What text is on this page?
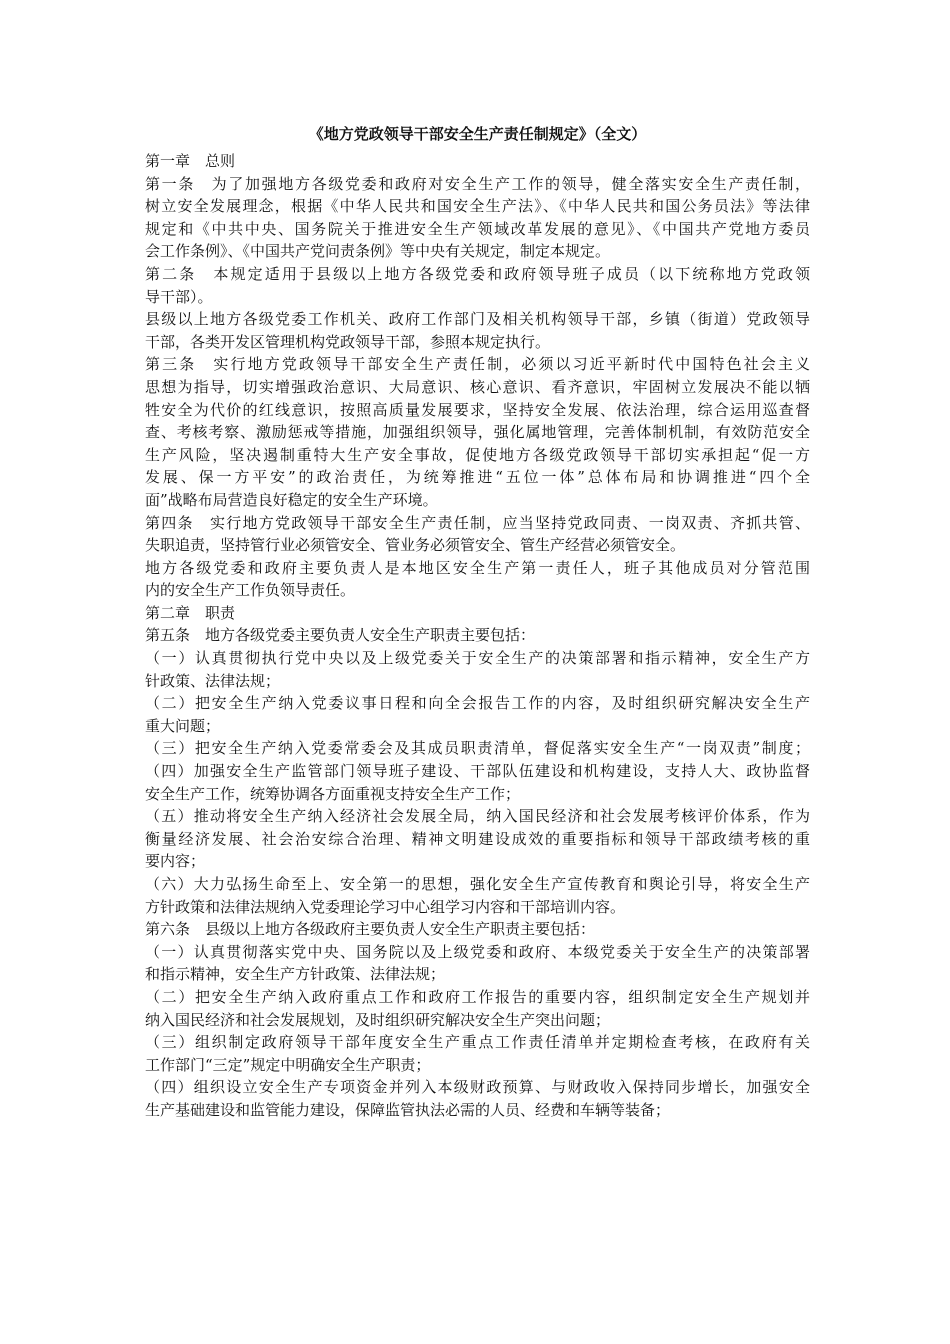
《地方党政领导干部安全生产责任制规定》（全文）

第一章　总则

第一条　为了加强地方各级党委和政府对安全生产工作的领导，健全落实安全生产责任制，

树立安全发展理念，根据《中华人民共和国安全生产法》、《中华人民共和国公务员法》等法律

规定和《中共中央、国务院关于推进安全生产领域改革发展的意见》、《中国共产党地方委员

会工作条例》、《中国共产党问责条例》等中央有关规定，制定本规定。

第二条　本规定适用于县级以上地方各级党委和政府领导班子成员（以下统称地方党政领

导干部）。

县级以上地方各级党委工作机关、政府工作部门及相关机构领导干部，乡镇（街道）党政领导

干部，各类开发区管理机构党政领导干部，参照本规定执行。

第三条　实行地方党政领导干部安全生产责任制，必须以习近平新时代中国特色社会主义

思想为指导，切实增强政治意识、大局意识、核心意识、看齐意识，牢固树立发展决不能以牺

牲安全为代价的红线意识，按照高质量发展要求，坚持安全发展、依法治理，综合运用巡查督

查、考核考察、激励惩戒等措施，加强组织领导，强化属地管理，完善体制机制，有效防范安全

生产风险，坚决遏制重特大生产安全事故，促使地方各级党政领导干部切实承担起“促一方

发展、保一方平安”的政治责任，为统筹推进“五位一体”总体布局和协调推进“四个全

面”战略布局营造良好稳定的安全生产环境。

第四条　实行地方党政领导干部安全生产责任制，应当坚持党政同责、一岗双责、齐抓共管、

失职追责，坚持管行业必须管安全、管业务必须管安全、管生产经营必须管安全。

地方各级党委和政府主要负责人是本地区安全生产第一责任人，班子其他成员对分管范围

内的安全生产工作负领导责任。

第二章　职责

第五条　地方各级党委主要负责人安全生产职责主要包括：

（一）认真贯彻执行党中央以及上级党委关于安全生产的决策部署和指示精神，安全生产方

针政策、法律法规；

（二）把安全生产纳入党委议事日程和向全会报告工作的内容，及时组织研究解决安全生产

重大问题；

（三）把安全生产纳入党委常委会及其成员职责清单，督促落实安全生产“一岗双责”制度；

（四）加强安全生产监管部门领导班子建设、干部队伍建设和机构建设，支持人大、政协监督

安全生产工作，统筹协调各方面重视支持安全生产工作；

（五）推动将安全生产纳入经济社会发展全局，纳入国民经济和社会发展考核评价体系，作为

衡量经济发展、社会治安综合治理、精神文明建设成效的重要指标和领导干部政绩考核的重

要内容；

（六）大力弘扬生命至上、安全第一的思想，强化安全生产宣传教育和舆论引导，将安全生产

方针政策和法律法规纳入党委理论学习中心组学习内容和干部培训内容。

第六条　县级以上地方各级政府主要负责人安全生产职责主要包括：

（一）认真贯彻落实党中央、国务院以及上级党委和政府、本级党委关于安全生产的决策部署

和指示精神，安全生产方针政策、法律法规；

（二）把安全生产纳入政府重点工作和政府工作报告的重要内容，组织制定安全生产规划并

纳入国民经济和社会发展规划，及时组织研究解决安全生产突出问题；

（三）组织制定政府领导干部年度安全生产重点工作责任清单并定期检查考核，在政府有关

工作部门“三定”规定中明确安全生产职责；

（四）组织设立安全生产专项资金并列入本级财政预算、与财政收入保持同步增长，加强安全

生产基础建设和监管能力建设，保障监管执法必需的人员、经费和车辆等装备；
